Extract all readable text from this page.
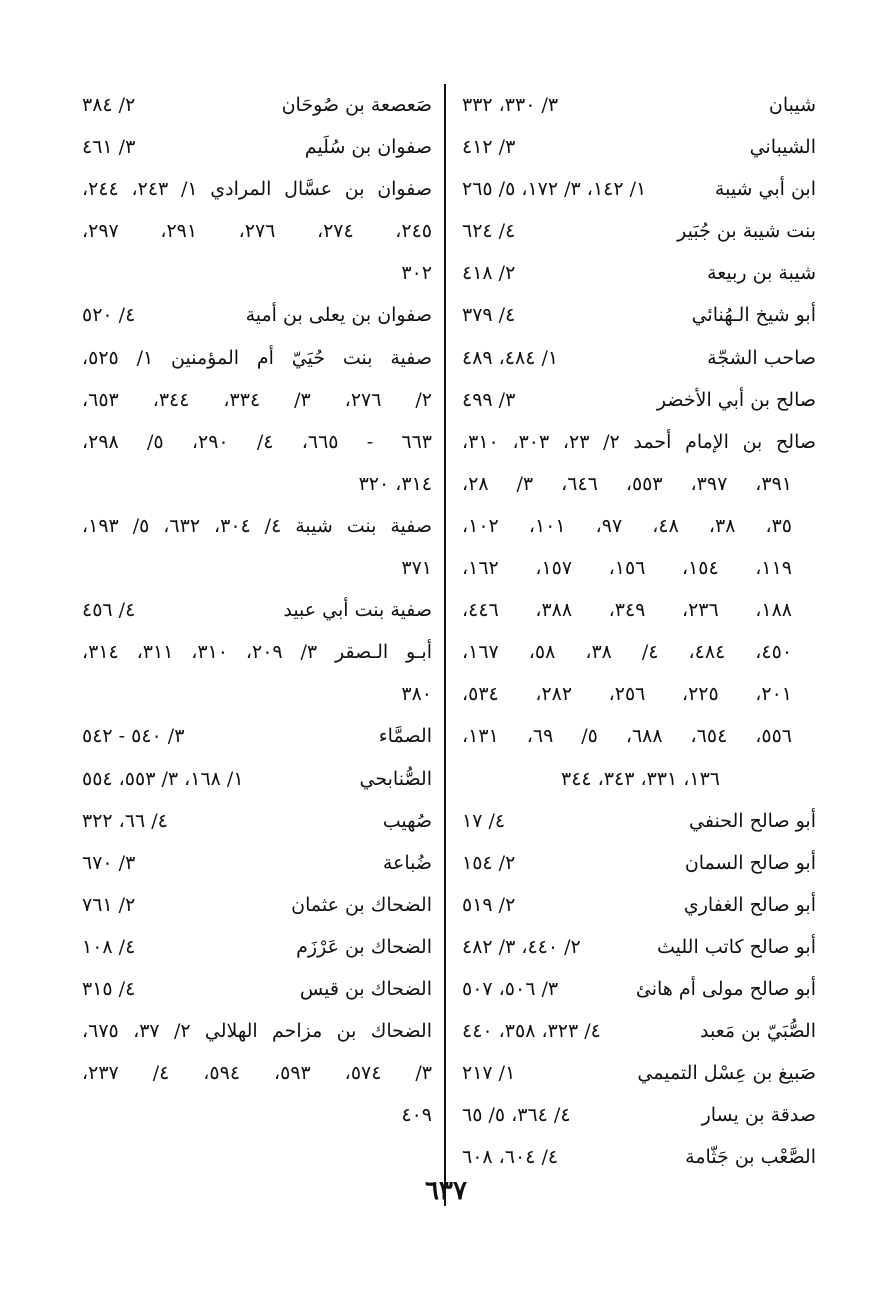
شيبان
٣/ ٣٣٠، ٣٣٢
الشيباني
٣/ ٤١٢
ابن أبي شيبة
١/ ١٤٢، ٣/ ١٧٢، ٥/ ٢٦٥
بنت شيبة بن جُبَير
٤/ ٦٢٤
شيبة بن ربيعة
٢/ ٤١٨
أبو شيخ الـهُنائي
٤/ ٣٧٩
صاحب الشجّة
١/ ٤٨٤، ٤٨٩
صالح بن أبي الأخضر
٣/ ٤٩٩
صالح بن الإمام أحمد ٢/ ٢٣، ٣٠٣، ٣١٠،
٣٩١، ٣٩٧، ٥٥٣، ٦٤٦، ٣/ ٢٨،
٣٥، ٣٨، ٤٨، ٩٧، ١٠١، ١٠٢،
١١٩، ١٥٤، ١٥٦، ١٥٧، ١٦٢،
١٨٨، ٢٣٦، ٣٤٩، ٣٨٨، ٤٤٦،
٤٥٠، ٤٨٤، ٤/ ٣٨، ٥٨، ١٦٧،
٢٠١، ٢٢٥، ٢٥٦، ٢٨٢، ٥٣٤،
٥٥٦، ٦٥٤، ٦٨٨، ٥/ ٦٩، ١٣١،
١٣٦، ٣٣١، ٣٤٣، ٣٤٤
أبو صالح الحنفي
٤/ ١٧
أبو صالح السمان
٢/ ١٥٤
أبو صالح الغفاري
٢/ ٥١٩
أبو صالح كاتب الليث
٢/ ٤٤٠، ٣/ ٤٨٢
أبو صالح مولى أم هانئ
٣/ ٥٠٦، ٥٠٧
الصُّبَيّ بن مَعبد
٤/ ٣٢٣، ٣٥٨، ٤٤٠
صَبيغ بن عِسْل التميمي
١/ ٢١٧
صدقة بن يسار
٤/ ٣٦٤، ٥/ ٦٥
الصَّعْب بن جَثّامة
٤/ ٦٠٤، ٦٠٨
صَعصعة بن صُوحَان
٢/ ٣٨٤
صفوان بن سُلَيم
٣/ ٤٦١
صفوان بن عسَّال المرادي ١/ ٢٤٣، ٢٤٤،
٢٤٥، ٢٧٤، ٢٧٦، ٢٩١، ٢٩٧،
٣٠٢
صفوان بن يعلى بن أمية
٤/ ٥٢٠
صفية بنت حُيَيّ أم المؤمنين ١/ ٥٢٥،
٢/ ٢٧٦، ٣/ ٣٣٤، ٣٤٤، ٦٥٣،
٦٦٣ - ٦٦٥، ٤/ ٢٩٠، ٥/ ٢٩٨،
٣١٤، ٣٢٠
صفية بنت شيبة ٤/ ٣٠٤، ٦٣٢، ٥/ ١٩٣،
٣٧١
صفية بنت أبي عبيد
٤/ ٤٥٦
أبـو الـصقر ٣/ ٢٠٩، ٣١٠، ٣١١، ٣١٤،
٣٨٠
الصمَّاء
٣/ ٥٤٠ - ٥٤٢
الصُّنابحي
١/ ١٦٨، ٣/ ٥٥٣، ٥٥٤
صُهيب
٤/ ٦٦، ٣٢٢
ضُباعة
٣/ ٦٧٠
الضحاك بن عثمان
٢/ ٧٦١
الضحاك بن عَرْزَم
٤/ ١٠٨
الضحاك بن قيس
٤/ ٣١٥
الضحاك بن مزاحم الهلالي ٢/ ٣٧، ٦٧٥،
٣/ ٥٧٤، ٥٩٣، ٥٩٤، ٤/ ٢٣٧،
٤٠٩
٦٣٧
